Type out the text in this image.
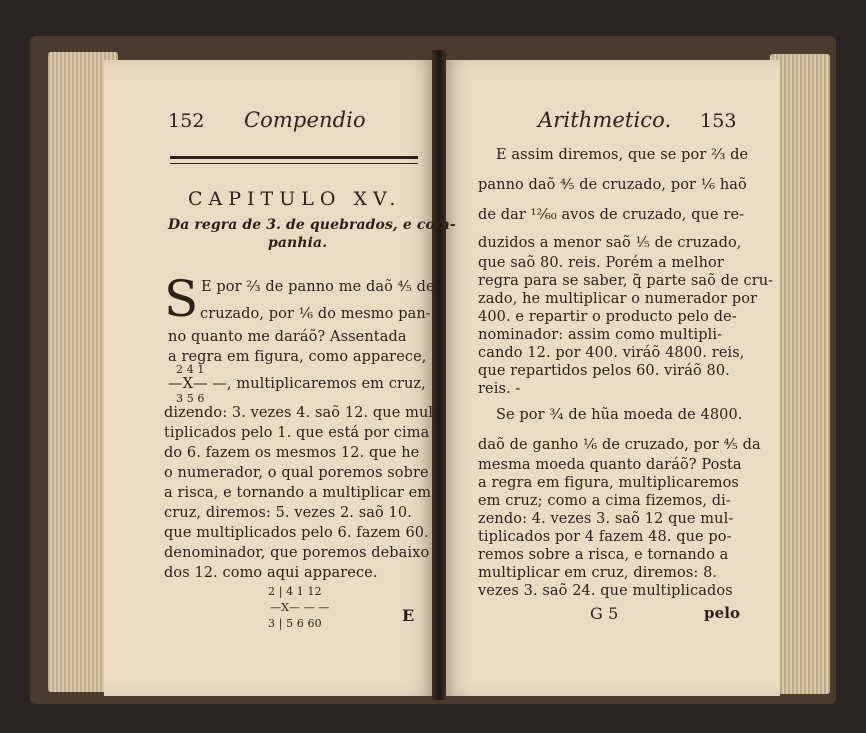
152 Compendio
CAPITULO XV.
Da regra de 3. de quebrados, e com-
panhia.
S E por ²⁄₃ de panno me daõ ⁴⁄₅ de
cruzado, por ¹⁄₆ do mesmo pan-
no quanto me daráõ? Assentada
a regra em figura, como apparece,
2 4 1
—X— —, multiplicaremos em cruz,
3 5 6
dizendo: 3. vezes 4. saõ 12. que mul-
tiplicados pelo 1. que está por cima
do 6. fazem os mesmos 12. que he
o numerador, o qual poremos sobre
a risca, e tornando a multiplicar em
cruz, diremos: 5. vezes 2. saõ 10.
que multiplicados pelo 6. fazem 60.
denominador, que poremos debaixo
dos 12. como aqui apparece.
2 | 4 1 12
—X— — —
3 | 5 6 60	E
Arithmetico. 153
E assim diremos, que se por ²⁄₃ de
panno daõ ⁴⁄₅ de cruzado, por ¹⁄₆ haõ
de dar ¹²⁄₆₀ avos de cruzado, que re-
duzidos a menor saõ ¹⁄₅ de cruzado,
que saõ 80. reis. Porém a melhor
regra para se saber, q̃ parte saõ de cru-
zado, he multiplicar o numerador por
400. e repartir o producto pelo de-
nominador: assim como multipli-
cando 12. por 400. viráõ 4800. reis,
que repartidos pelos 60. viráõ 80.
reis. -
Se por ³⁄₄ de hũa moeda de 4800.
daõ de ganho ¹⁄₆ de cruzado, por ⁴⁄₅ da
mesma moeda quanto daráõ? Posta
a regra em figura, multiplicaremos
em cruz; como a cima fizemos, di-
zendo: 4. vezes 3. saõ 12 que mul-
tiplicados por 4 fazem 48. que po-
remos sobre a risca, e tornando a
multiplicar em cruz, diremos: 8.
vezes 3. saõ 24. que multiplicados
G 5	pelo
